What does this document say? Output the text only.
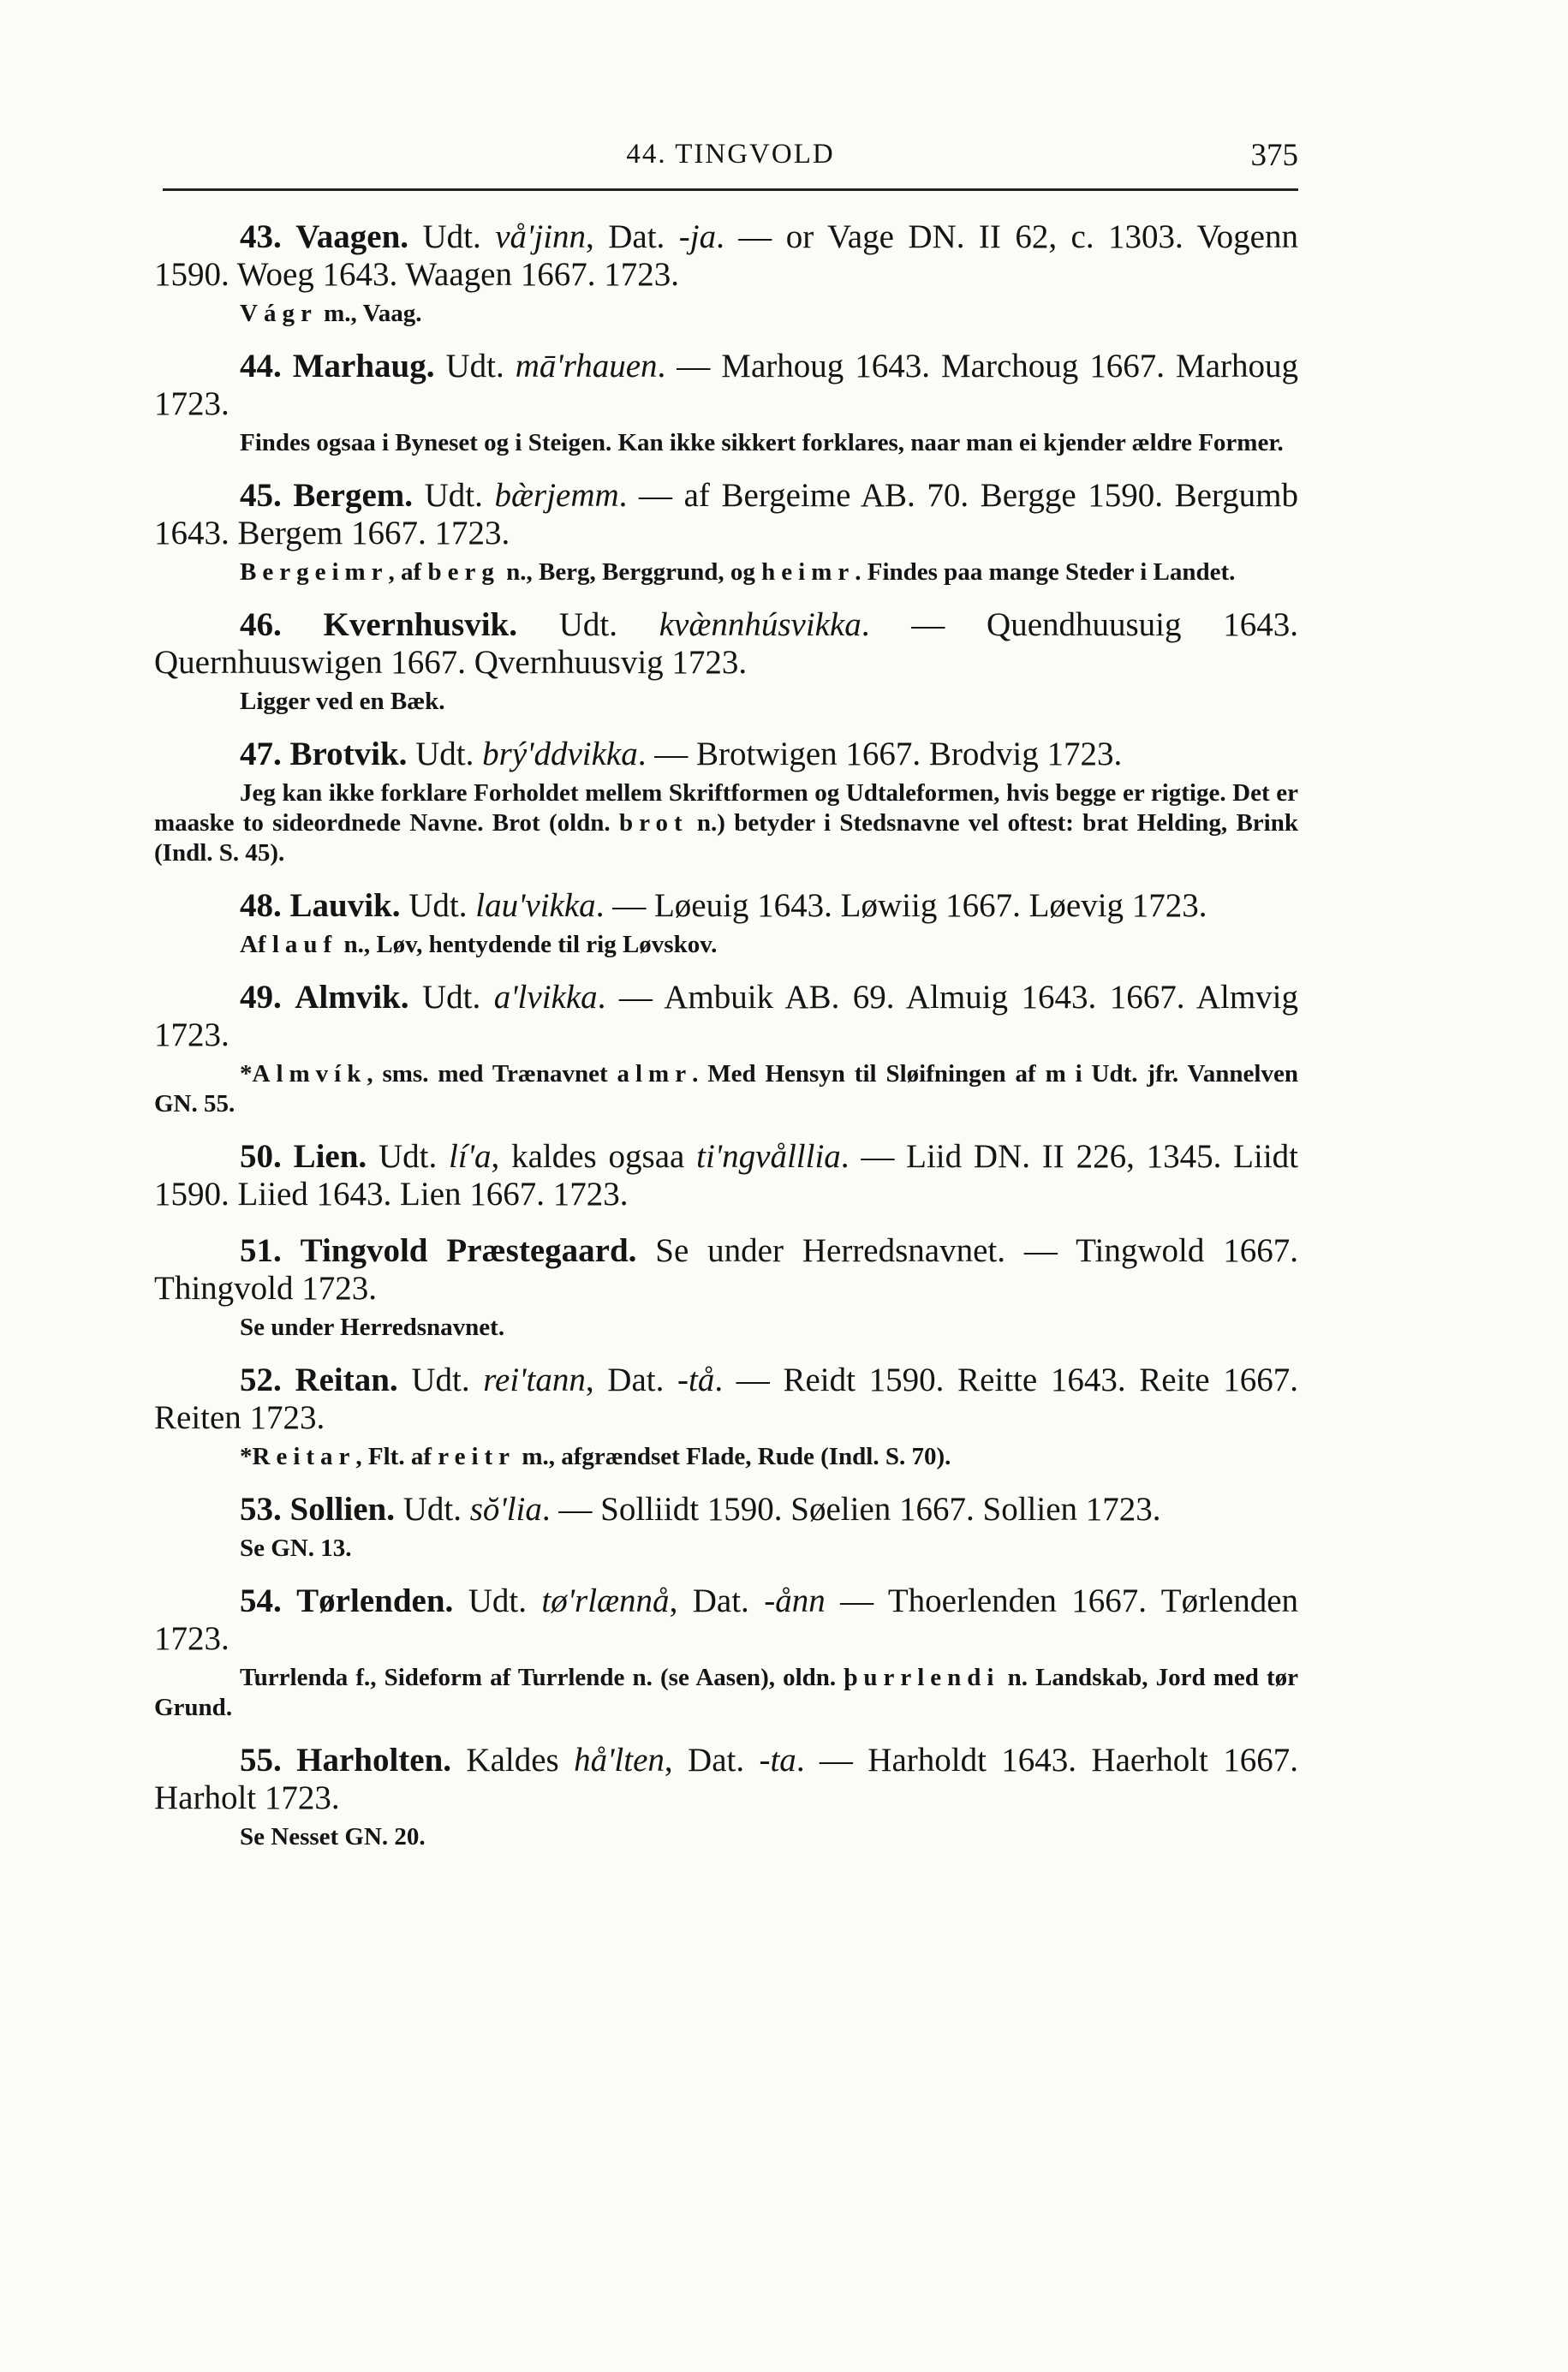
44. TINGVOLD	375

43. Vaagen. Udt. vå'jinn, Dat. -ja. — or Vage DN. II 62, c. 1303. Vogenn 1590. Woeg 1643. Waagen 1667. 1723.

Vágr m., Vaag.

44. Marhaug. Udt. mā'rhauen. — Marhoug 1643. Marchoug 1667. Marhoug 1723.

Findes ogsaa i Byneset og i Steigen. Kan ikke sikkert forklares, naar man ei kjender ældre Former.

45. Bergem. Udt. bæ̀rjemm. — af Bergeime AB. 70. Bergge 1590. Bergumb 1643. Bergem 1667. 1723.

Bergeimr, af berg n., Berg, Berggrund, og heimr. Findes paa mange Steder i Landet.

46. Kvernhusvik. Udt. kvæ̀nnhúsvikka. — Quendhuusuig 1643. Quernhuuswigen 1667. Qvernhuusvig 1723.

Ligger ved en Bæk.

47. Brotvik. Udt. brý'ddvikka. — Brotwigen 1667. Brodvig 1723.

Jeg kan ikke forklare Forholdet mellem Skriftformen og Udtaleformen, hvis begge er rigtige. Det er maaske to sideordnede Navne. Brot (oldn. brot n.) betyder i Stedsnavne vel oftest: brat Helding, Brink (Indl. S. 45).

48. Lauvik. Udt. lau'vikka. — Løeuig 1643. Løwiig 1667. Løevig 1723.

Af lauf n., Løv, hentydende til rig Løvskov.

49. Almvik. Udt. a'lvikka. — Ambuik AB. 69. Almuig 1643. 1667. Almvig 1723.

*Almvík, sms. med Trænavnet almr. Med Hensyn til Sløifningen af m i Udt. jfr. Vannelven GN. 55.

50. Lien. Udt. lí'a, kaldes ogsaa ti'ngvålllia. — Liid DN. II 226, 1345. Liidt 1590. Liied 1643. Lien 1667. 1723.

51. Tingvold Præstegaard. Se under Herredsnavnet. — Tingwold 1667. Thingvold 1723.

Se under Herredsnavnet.

52. Reitan. Udt. rei'tann, Dat. -tå. — Reidt 1590. Reitte 1643. Reite 1667. Reiten 1723.

*Reitar, Flt. af reitr m., afgrændset Flade, Rude (Indl. S. 70).

53. Sollien. Udt. sŏ'lia. — Solliidt 1590. Søelien 1667. Sollien 1723.

Se GN. 13.

54. Tørlenden. Udt. tø'rlænnå, Dat. -ånn — Thoerlenden 1667. Tørlenden 1723.

Turrlenda f., Sideform af Turrlende n. (se Aasen), oldn. þurrlendi n. Landskab, Jord med tør Grund.

55. Harholten. Kaldes hå'lten, Dat. -ta. — Harholdt 1643. Haerholt 1667. Harholt 1723.

Se Nesset GN. 20.
